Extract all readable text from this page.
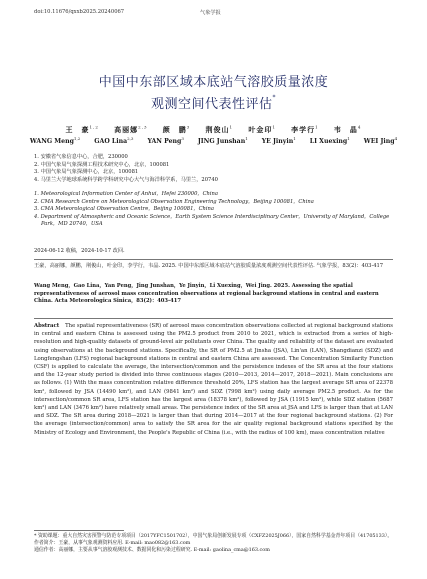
doi:10.11676/qxxb2025.20240067	气象学报
中国中东部区域本底站气溶胶质量浓度
观测空间代表性评估*
王　豪$^{1,2}$ 高丽娜$^{2,3}$ 颜　鹏$^3$ 荆俊山$^1$ 叶金印$^1$ 李学行$^1$ 韦　晶$^4$
WANG Meng$^{1,2}$ GAO Lina$^{2,3}$ YAN Peng$^3$ JING Junshan$^1$ YE Jinyin$^1$ LI Xuexing$^1$ WEI Jing$^4$
1. 安徽省气象信息中心，合肥，230000
2. 中国气象局气象探测工程技术研究中心，北京，100081
3. 中国气象局气象探测中心，北京，100081
4. 马里兰大学地球系统科学跨学科研究中心大气与海洋科学系，马里兰，20740
1. Meteorological Information Center of Anhui，Hefei 230000，China
2. CMA Research Centre on Meteorological Observation Engineering Technology，Beijing 100081，China
3. CMA Meteorological Observation Centre，Beijing 100081，China
4. Department of Atmospheric and Oceanic Science，Earth System Science Interdisciplinary Center，University of Maryland，College Park，MD 20740，USA
2024-06-12 收稿，2024-10-17 改回.
王豪，高丽娜，颜鹏，荆俊山，叶金印，李学行，韦晶. 2025. 中国中东部区域本底站气溶胶质量浓度观测空间代表性评估. 气象学报，83(2)：403-417
Wang Meng，Gao Lina，Yan Peng，Jing Junshan，Ye Jinyin，Li Xuexing，Wei Jing. 2025. Assessing the spatial representativeness of aerosol mass concentration observations at regional background stations in central and eastern China. Acta Meteorologica Sinica，83(2)：403-417
Abstract The spatial representativeness (SR) of aerosol mass concentration observations collected at regional background stations in central and eastern China is assessed using the PM2.5 product from 2010 to 2021, which is extracted from a series of high-resolution and high-quality datasets of ground-level air pollutants over China. The quality and reliability of the dataset are evaluated using observations at the background stations. Specifically, the SR of PM2.5 at Jinsha (JSA), Lin'an (LAN), Shangdianzi (SDZ) and Longfengshan (LFS) regional background stations in central and eastern China are assessed. The Concentration Similarity Function (CSF) is applied to calculate the average, the intersection/common and the persistence indexes of the SR area at the four stations and the 12-year study period is divided into three continuous stages (2010—2013, 2014—2017, 2018—2021). Main conclusions are as follows. (1) With the mass concentration relative difference threshold 20%, LFS station has the largest average SR area of 22378 km², followed by JSA (14490 km²), and LAN (9841 km²) and SDZ (7998 km²) using daily average PM2.5 product. As for the intersection/common SR area, LFS station has the largest area (18378 km²), followed by JSA (11915 km²), while SDZ station (5687 km²) and LAN (3476 km²) have relatively small areas. The persistence index of the SR area at JSA and LFS is larger than that at LAN and SDZ. The SR area during 2018—2021 is larger than that during 2014—2017 at the four regional background stations. (2) For the average (intersection/common) area to satisfy the SR area for the air quality regional background stations specified by the Ministry of Ecology and Environment, the People's Republic of China (i.e., with the radius of 100 km), mass concentration relative
* 资助课题：重大自然灾害预警与防范专项项目（2017YFC1501702），中国气象局创新发展专项（CXFZ2025J066），国家自然科学基金青年项目（41705133）。
作者简介：王豪，从事气象观测资料应用. E-mail: mao082@163.com
通信作者：高丽娜，主要从事气溶胶观测技术、数据同化和污染过程研究. E-mail: gaolina_cma@163.com
